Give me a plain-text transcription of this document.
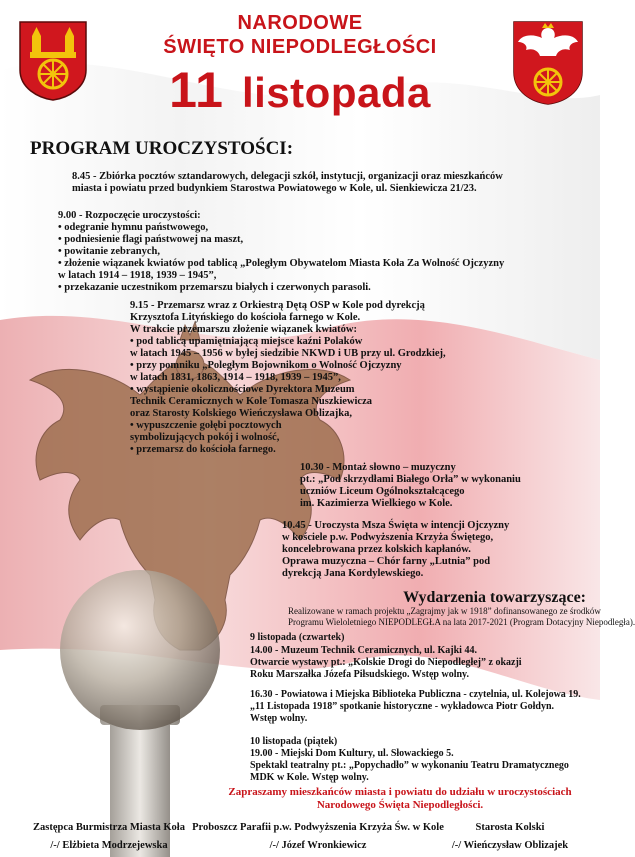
NARODOWE
ŚWIĘTO NIEPODLEGŁOŚCI
11 listopada
PROGRAM UROCZYSTOŚCI:
8.45 - Zbiórka pocztów sztandarowych, delegacji szkół, instytucji, organizacji oraz mieszkańców
miasta i powiatu przed budynkiem Starostwa Powiatowego w Kole, ul. Sienkiewicza 21/23.
9.00 - Rozpoczęcie uroczystości:
• odegranie hymnu państwowego,
• podniesienie flagi państwowej na maszt,
• powitanie zebranych,
• złożenie wiązanek kwiatów pod tablicą „Poległym Obywatelom Miasta Koła Za Wolność Ojczyzny
w latach 1914 – 1918, 1939 – 1945”,
• przekazanie uczestnikom przemarszu białych i czerwonych parasoli.
9.15 - Przemarsz wraz z Orkiestrą Dętą OSP w Kole pod dyrekcją
Krzysztofa Lityńskiego do kościoła farnego w Kole.
W trakcie przemarszu złożenie wiązanek kwiatów:
• pod tablicą upamiętniającą miejsce kaźni Polaków
w latach 1945 – 1956 w byłej siedzibie NKWD i UB przy ul. Grodzkiej,
• przy pomniku „Poległym Bojownikom o Wolność Ojczyzny
w latach 1831, 1863, 1914 – 1918, 1939 – 1945”,
• wystąpienie okolicznościowe Dyrektora Muzeum
Technik Ceramicznych w Kole Tomasza Nuszkiewicza
oraz Starosty Kolskiego Wieńczysława Oblizajka,
• wypuszczenie gołębi pocztowych
symbolizujących pokój i wolność,
• przemarsz do kościoła farnego.
10.30 - Montaż słowno – muzyczny
pt.: „Pod skrzydłami Białego Orła” w wykonaniu
uczniów Liceum Ogólnokształcącego
im. Kazimierza Wielkiego w Kole.
10.45 - Uroczysta Msza Święta w intencji Ojczyzny
w kościele p.w. Podwyższenia Krzyża Świętego,
koncelebrowana przez kolskich kapłanów.
Oprawa muzyczna – Chór farny „Lutnia” pod
dyrekcją Jana Kordylewskiego.
Wydarzenia towarzyszące:
Realizowane w ramach projektu „Zagrajmy jak w 1918” dofinansowanego ze środków
Programu Wieloletniego NIEPODLEGŁA na lata 2017-2021 (Program Dotacyjny Niepodległa).
9 listopada (czwartek)
14.00 - Muzeum Technik Ceramicznych, ul. Kajki 44.
Otwarcie wystawy pt.: „Kolskie Drogi do Niepodległej” z okazji
Roku Marszałka Józefa Piłsudskiego. Wstęp wolny.
16.30 - Powiatowa i Miejska Biblioteka Publiczna - czytelnia, ul. Kolejowa 19.
„11 Listopada 1918” spotkanie historyczne - wykładowca Piotr Gołdyn.
Wstęp wolny.
10 listopada (piątek)
19.00 - Miejski Dom Kultury, ul. Słowackiego 5.
Spektakl teatralny pt.: „Popychadło” w wykonaniu Teatru Dramatycznego
MDK w Kole. Wstęp wolny.
Zapraszamy mieszkańców miasta i powiatu do udziału w uroczystościach
Narodowego Święta Niepodległości.
Zastępca Burmistrza Miasta Koła
/-/ Elżbieta Modrzejewska
Proboszcz Parafii p.w. Podwyższenia Krzyża Św. w Kole
/-/ Józef Wronkiewicz
Starosta Kolski
/-/ Wieńczysław Oblizajek
